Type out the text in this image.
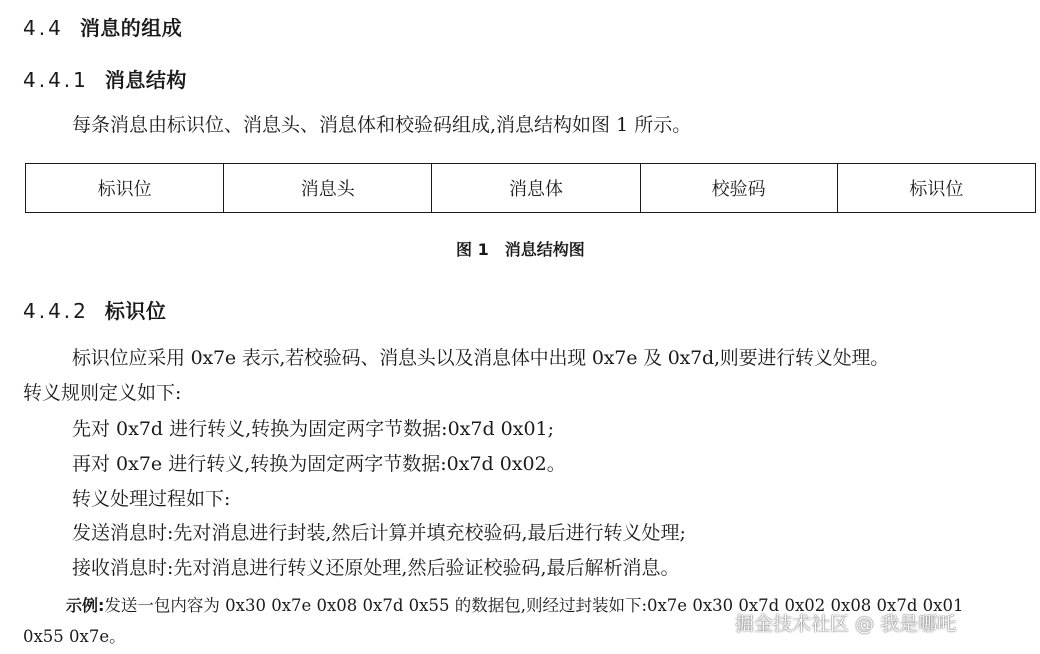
4.4 消息的组成
4.4.1 消息结构
每条消息由标识位、消息头、消息体和校验码组成,消息结构如图 1 所示。
标识位	消息头	消息体	校验码	标识位
图 1　消息结构图
4.4.2 标识位
标识位应采用 0x7e 表示,若校验码、消息头以及消息体中出现 0x7e 及 0x7d,则要进行转义处理。
转义规则定义如下:
先对 0x7d 进行转义,转换为固定两字节数据:0x7d 0x01;
再对 0x7e 进行转义,转换为固定两字节数据:0x7d 0x02。
转义处理过程如下:
发送消息时:先对消息进行封装,然后计算并填充校验码,最后进行转义处理;
接收消息时:先对消息进行转义还原处理,然后验证校验码,最后解析消息。
示例:发送一包内容为 0x30 0x7e 0x08 0x7d 0x55 的数据包,则经过封装如下:0x7e 0x30 0x7d 0x02 0x08 0x7d 0x01
0x55 0x7e。
掘金技术社区 @ 我是哪吒
